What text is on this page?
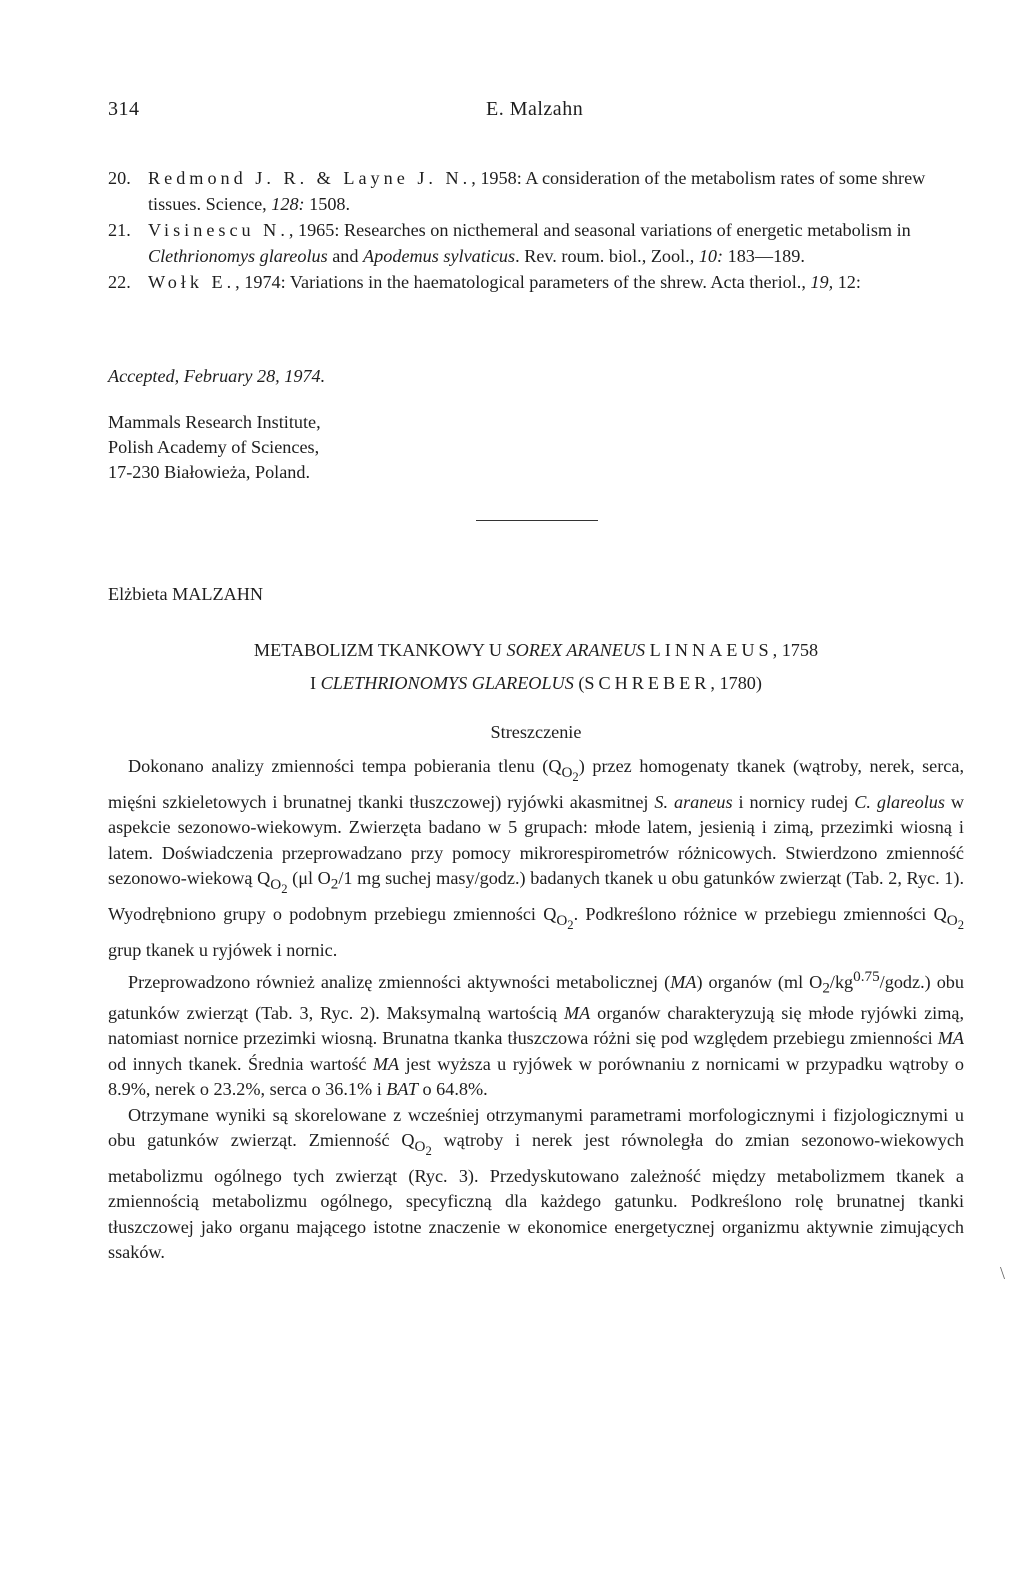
314	E. Malzahn
20. Redmond J. R. & Layne J. N., 1958: A consideration of the metabolism rates of some shrew tissues. Science, 128: 1508.
21. Visinescu N., 1965: Researches on nicthemeral and seasonal variations of energetic metabolism in Clethrionomys glareolus and Apodemus sylvaticus. Rev. roum. biol., Zool., 10: 183—189.
22. Wołk E., 1974: Variations in the haematological parameters of the shrew. Acta theriol., 19, 12:
Accepted, February 28, 1974.
Mammals Research Institute,
Polish Academy of Sciences,
17-230 Białowieża, Poland.
Elżbieta MALZAHN
METABOLIZM TKANKOWY U SOREX ARANEUS LINNAEUS, 1758
I CLETHRIONOMYS GLAREOLUS (SCHREBER, 1780)
Streszczenie

Dokonano analizy zmienności tempa pobierania tlenu $(Q_{O_2})$ przez homogenaty tkanek (wątroby, nerek, serca, mięśni szkieletowych i brunatnej tkanki tłuszczowej) ryjówki akasmitnej S. araneus i nornicy rudej C. glareolus w aspekcie sezonowo-wiekowym. Zwierzęta badano w 5 grupach: młode latem, jesienią i zimą, przezimki wiosną i latem. Doświadczenia przeprowadzano przy pomocy mikrorespirometrów różnicowych. Stwierdzono zmienność sezonowo-wiekową $Q_{O_2}$ (μl $O_2/1$ mg suchej masy/godz.) badanych tkanek u obu gatunków zwierząt (Tab. 2, Ryc. 1). Wyodrębniono grupy o podobnym przebiegu zmienności $Q_{O_2}$. Podkreślono różnice w przebiegu zmienności $Q_{O_2}$ grup tkanek u ryjówek i nornic.

Przeprowadzono również analizę zmienności aktywności metabolicznej (MA) organów (ml $O_2/kg^{0.75}/godz$.) obu gatunków zwierząt (Tab. 3, Ryc. 2). Maksymalną wartością MA organów charakteryzują się młode ryjówki zimą, natomiast nornice przezimki wiosną. Brunatna tkanka tłuszczowa różni się pod względem przebiegu zmienności MA od innych tkanek. Średnia wartość MA jest wyższa u ryjówek w porównaniu z nornicami w przypadku wątroby o 8.9%, nerek o 23.2%, serca o 36.1% i BAT o 64.8%.

Otrzymane wyniki są skorelowane z wcześniej otrzymanymi parametrami morfologicznymi i fizjologicznymi u obu gatunków zwierząt. Zmienność $Q_{O_2}$ wątroby i nerek jest równoległa do zmian sezonowo-wiekowych metabolizmu ogólnego tych zwierząt (Ryc. 3). Przedyskutowano zależność między metabolizmem tkanek a zmiennością metabolizmu ogólnego, specyficzną dla każdego gatunku. Podkreślono rolę brunatnej tkanki tłuszczowej jako organu mającego istotne znaczenie w ekonomice energetycznej organizmu aktywnie zimujących ssaków.

\
